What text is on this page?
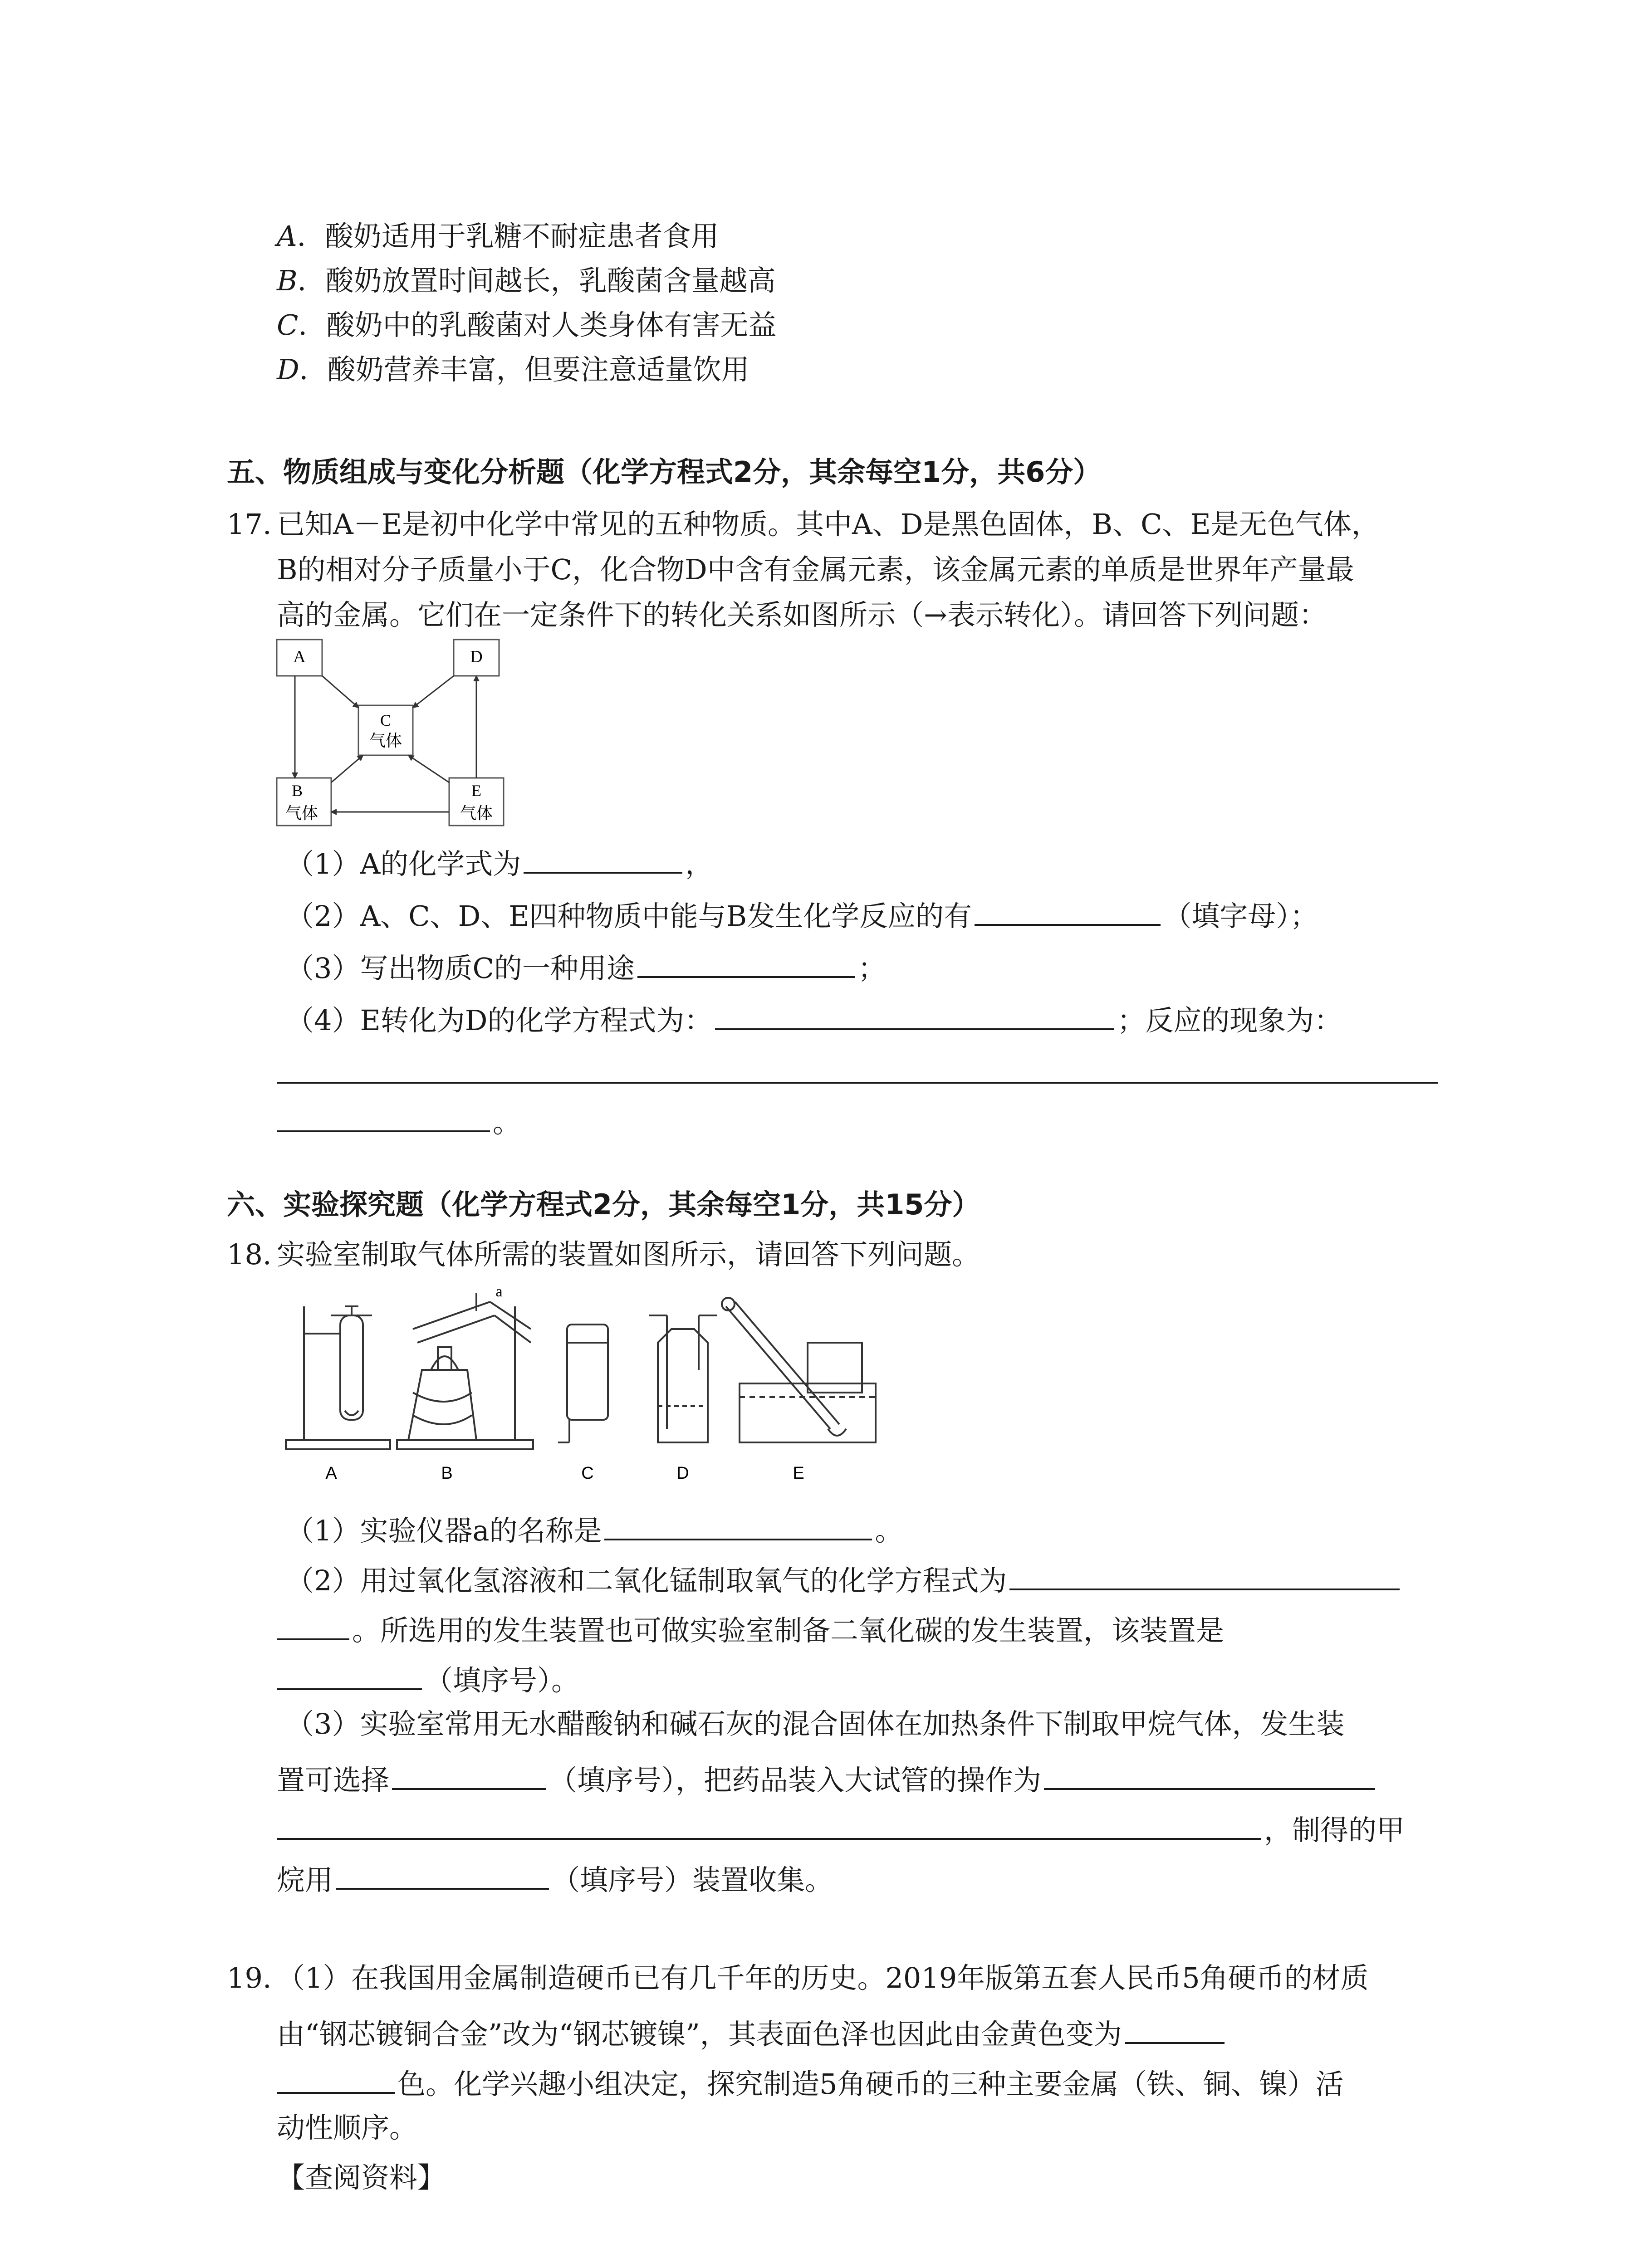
A．酸奶适用于乳糖不耐症患者食用
B．酸奶放置时间越长，乳酸菌含量越高
C．酸奶中的乳酸菌对人类身体有害无益
D．酸奶营养丰富，但要注意适量饮用
五、物质组成与变化分析题（化学方程式2分，其余每空1分，共6分）
17. 已知A－E是初中化学中常见的五种物质。其中A、D是黑色固体，B、C、E是无色气体，
B的相对分子质量小于C，化合物D中含有金属元素，该金属元素的单质是世界年产量最
高的金属。它们在一定条件下的转化关系如图所示（→表示转化）。请回答下列问题：
A	D
C
气体
B
气体
E
气体
（1）A的化学式为	，
（2）A、C、D、E四种物质中能与B发生化学反应的有	（填字母）；
（3）写出物质C的一种用途	；
（4）E转化为D的化学方程式为：	；反应的现象为：
。
六、实验探究题（化学方程式2分，其余每空1分，共15分）
18. 实验室制取气体所需的装置如图所示，请回答下列问题。
A	B	C	D	E
a
（1）实验仪器a的名称是	。
（2）用过氧化氢溶液和二氧化锰制取氧气的化学方程式为
。所选用的发生装置也可做实验室制备二氧化碳的发生装置，该装置是
（填序号）。
（3）实验室常用无水醋酸钠和碱石灰的混合固体在加热条件下制取甲烷气体，发生装
置可选择	（填序号），把药品装入大试管的操作为
，制得的甲
烷用	（填序号）装置收集。
19. （1）在我国用金属制造硬币已有几千年的历史。2019年版第五套人民币5角硬币的材质
由“钢芯镀铜合金”改为“钢芯镀镍”，其表面色泽也因此由金黄色变为
色。化学兴趣小组决定，探究制造5角硬币的三种主要金属（铁、铜、镍）活
动性顺序。
【查阅资料】
